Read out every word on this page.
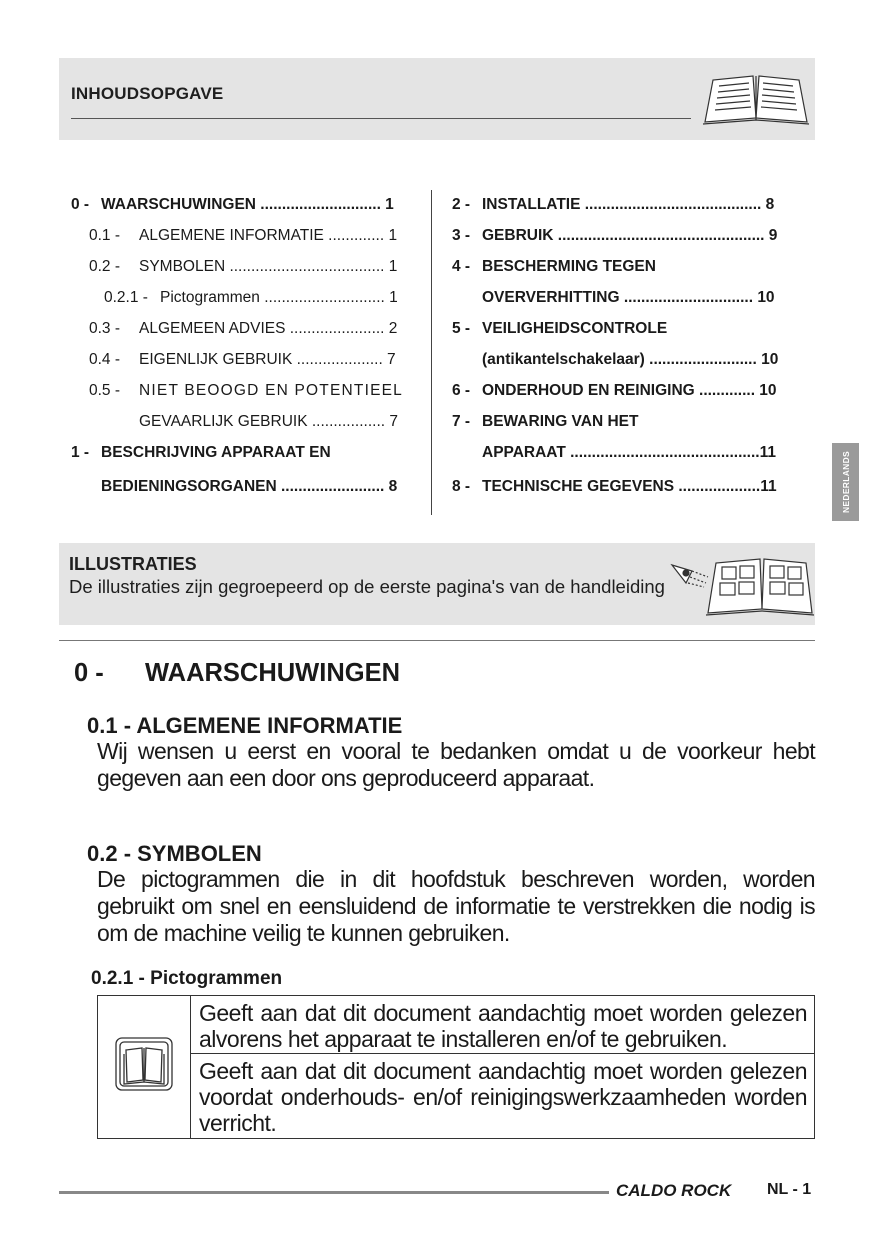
INHOUDSOPGAVE
0 - WAARSCHUWINGEN ............................ 1
0.1 - ALGEMENE INFORMATIE ............. 1
0.2 - SYMBOLEN .................................... 1
0.2.1 - Pictogrammen ............................ 1
0.3 - ALGEMEEN ADVIES ...................... 2
0.4 - EIGENLIJK GEBRUIK .................... 7
0.5 - NIET BEOOGD EN POTENTIEEL
GEVAARLIJK GEBRUIK ................. 7
1 - BESCHRIJVING APPARAAT EN
BEDIENINGSORGANEN ........................ 8
2 - INSTALLATIE ......................................... 8
3 - GEBRUIK ................................................ 9
4 - BESCHERMING TEGEN
OVERVERHITTING .............................. 10
5 - VEILIGHEIDSCONTROLE
(antikantelschakelaar) ......................... 10
6 - ONDERHOUD EN REINIGING ............. 10
7 - BEWARING VAN HET
APPARAAT ............................................11
8 - TECHNISCHE GEGEVENS ...................11	NEDERLANDS
ILLUSTRATIES
De illustraties zijn gegroepeerd op de eerste pagina's van de handleiding
0 - WAARSCHUWINGEN
0.1 - ALGEMENE INFORMATIE
Wij wensen u eerst en vooral te bedanken omdat u de voorkeur hebt gegeven aan een door ons geproduceerd apparaat.
0.2 - SYMBOLEN
De pictogrammen die in dit hoofdstuk beschreven worden, worden gebruikt om snel en eensluidend de informatie te verstrekken die nodig is om de machine veilig te kunnen gebruiken.
0.2.1 - Pictogrammen
Geeft aan dat dit document aandachtig moet worden gelezen alvorens het apparaat te installeren en/of te gebruiken.
Geeft aan dat dit document aandachtig moet worden gelezen voordat onderhouds- en/of reinigingswerkzaamheden worden verricht.
CALDO ROCK NL - 1
